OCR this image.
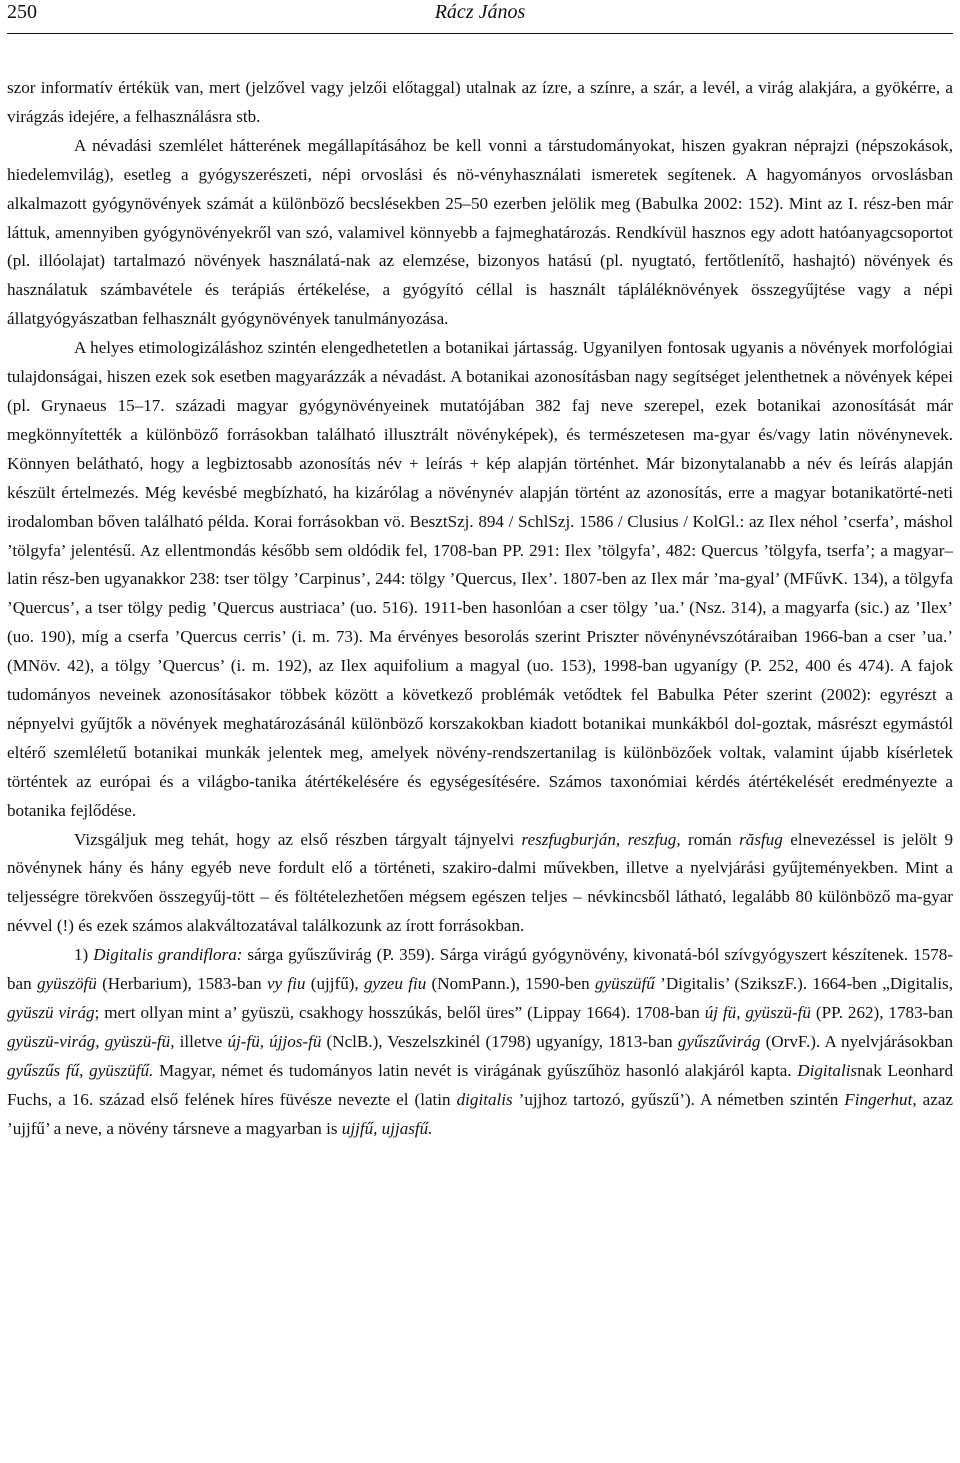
250	Rácz János

szor informatív értékük van, mert (jelzővel vagy jelzői előtaggal) utalnak az ízre, a színre, a szár, a levél, a virág alakjára, a gyökérre, a virágzás idejére, a felhasználásra stb.

A névadási szemlélet hátterének megállapításához be kell vonni a társtudományokat, hiszen gyakran néprajzi (népszokások, hiedelemvilág), esetleg a gyógyszerészeti, népi orvoslási és nö-vényhasználati ismeretek segítenek. A hagyományos orvoslásban alkalmazott gyógynövények számát a különböző becslésekben 25–50 ezerben jelölik meg (Babulka 2002: 152). Mint az I. rész-ben már láttuk, amennyiben gyógynövényekről van szó, valamivel könnyebb a fajmeghatározás. Rendkívül hasznos egy adott hatóanyagcsoportot (pl. illóolajat) tartalmazó növények használatá-nak az elemzése, bizonyos hatású (pl. nyugtató, fertőtlenítő, hashajtó) növények és használatuk számbavétele és terápiás értékelése, a gyógyító céllal is használt tápláléknövények összegyűjtése vagy a népi állatgyógyászatban felhasznált gyógynövények tanulmányozása.

A helyes etimologizáláshoz szintén elengedhetetlen a botanikai jártasság. Ugyanilyen fontosak ugyanis a növények morfológiai tulajdonságai, hiszen ezek sok esetben magyarázzák a névadást. A botanikai azonosításban nagy segítséget jelenthetnek a növények képei (pl. Grynaeus 15–17. századi magyar gyógynövényeinek mutatójában 382 faj neve szerepel, ezek botanikai azonosítását már megkönnyítették a különböző forrásokban található illusztrált növényképek), és természetesen ma-gyar és/vagy latin növénynevek. Könnyen belátható, hogy a legbiztosabb azonosítás név + leírás + kép alapján történhet. Már bizonytalanabb a név és leírás alapján készült értelmezés. Még kevésbé megbízható, ha kizárólag a növénynév alapján történt az azonosítás, erre a magyar botanikatörté-neti irodalomban bőven található példa. Korai forrásokban vö. BesztSzj. 894 / SchlSzj. 1586 / Clusius / KolGl.: az Ilex néhol ’cserfa’, máshol ’tölgyfa’ jelentésű. Az ellentmondás később sem oldódik fel, 1708-ban PP. 291: Ilex ’tölgyfa’, 482: Quercus ’tölgyfa, tserfa’; a magyar–latin rész-ben ugyanakkor 238: tser tölgy ’Carpinus’, 244: tölgy ’Quercus, Ilex’. 1807-ben az Ilex már ’ma-gyal’ (MFűvK. 134), a tölgyfa ’Quercus’, a tser tölgy pedig ’Quercus austriaca’ (uo. 516). 1911-ben hasonlóan a cser tölgy ’ua.’ (Nsz. 314), a magyarfa (sic.) az ’Ilex’ (uo. 190), míg a cserfa ’Quercus cerris’ (i. m. 73). Ma érvényes besorolás szerint Priszter növénynévszótáraiban 1966-ban a cser ’ua.’ (MNöv. 42), a tölgy ’Quercus’ (i. m. 192), az Ilex aquifolium a magyal (uo. 153), 1998-ban ugyanígy (P. 252, 400 és 474). A fajok tudományos neveinek azonosításakor többek között a következő problémák vetődtek fel Babulka Péter szerint (2002): egyrészt a népnyelvi gyűjtők a növények meghatározásánál különböző korszakokban kiadott botanikai munkákból dol-goztak, másrészt egymástól eltérő szemléletű botanikai munkák jelentek meg, amelyek növény-rendszertanilag is különbözőek voltak, valamint újabb kísérletek történtek az európai és a világbo-tanika átértékelésére és egységesítésére. Számos taxonómiai kérdés átértékelését eredményezte a botanika fejlődése.

Vizsgáljuk meg tehát, hogy az első részben tárgyalt tájnyelvi reszfugburján, reszfug, román răsfug elnevezéssel is jelölt 9 növénynek hány és hány egyéb neve fordult elő a történeti, szakiro-dalmi művekben, illetve a nyelvjárási gyűjteményekben. Mint a teljességre törekvően összegyűj-tött – és föltételezhetően mégsem egészen teljes – névkincsből látható, legalább 80 különböző ma-gyar névvel (!) és ezek számos alakváltozatával találkozunk az írott forrásokban.

1) Digitalis grandiflora: sárga gyűszűvirág (P. 359). Sárga virágú gyógynövény, kivonatá-ból szívgyógyszert készítenek. 1578-ban gyüszöfü (Herbarium), 1583-ban vy fiu (ujjfű), gyzeu fiu (NomPann.), 1590-ben gyüszüfű ’Digitalis’ (SzikszF.). 1664-ben „Digitalis, gyüszü virág; mert ollyan mint a’ gyüszü, csakhogy hosszúkás, belől üres” (Lippay 1664). 1708-ban új fü, gyüszü-fü (PP. 262), 1783-ban gyüszü-virág, gyüszü-fü, illetve új-fü, újjos-fü (NclB.), Veszelszkinél (1798) ugyanígy, 1813-ban gyűszűvirág (OrvF.). A nyelvjárásokban gyűszűs fű, gyüszüfű. Magyar, német és tudományos latin nevét is virágának gyűszűhöz hasonló alakjáról kapta. Digitalisnak Leonhard Fuchs, a 16. század első felének híres füvésze nevezte el (latin digitalis ’ujjhoz tartozó, gyűszű’). A németben szintén Fingerhut, azaz ’ujjfű’ a neve, a növény társneve a magyarban is ujjfű, ujjasfű.
